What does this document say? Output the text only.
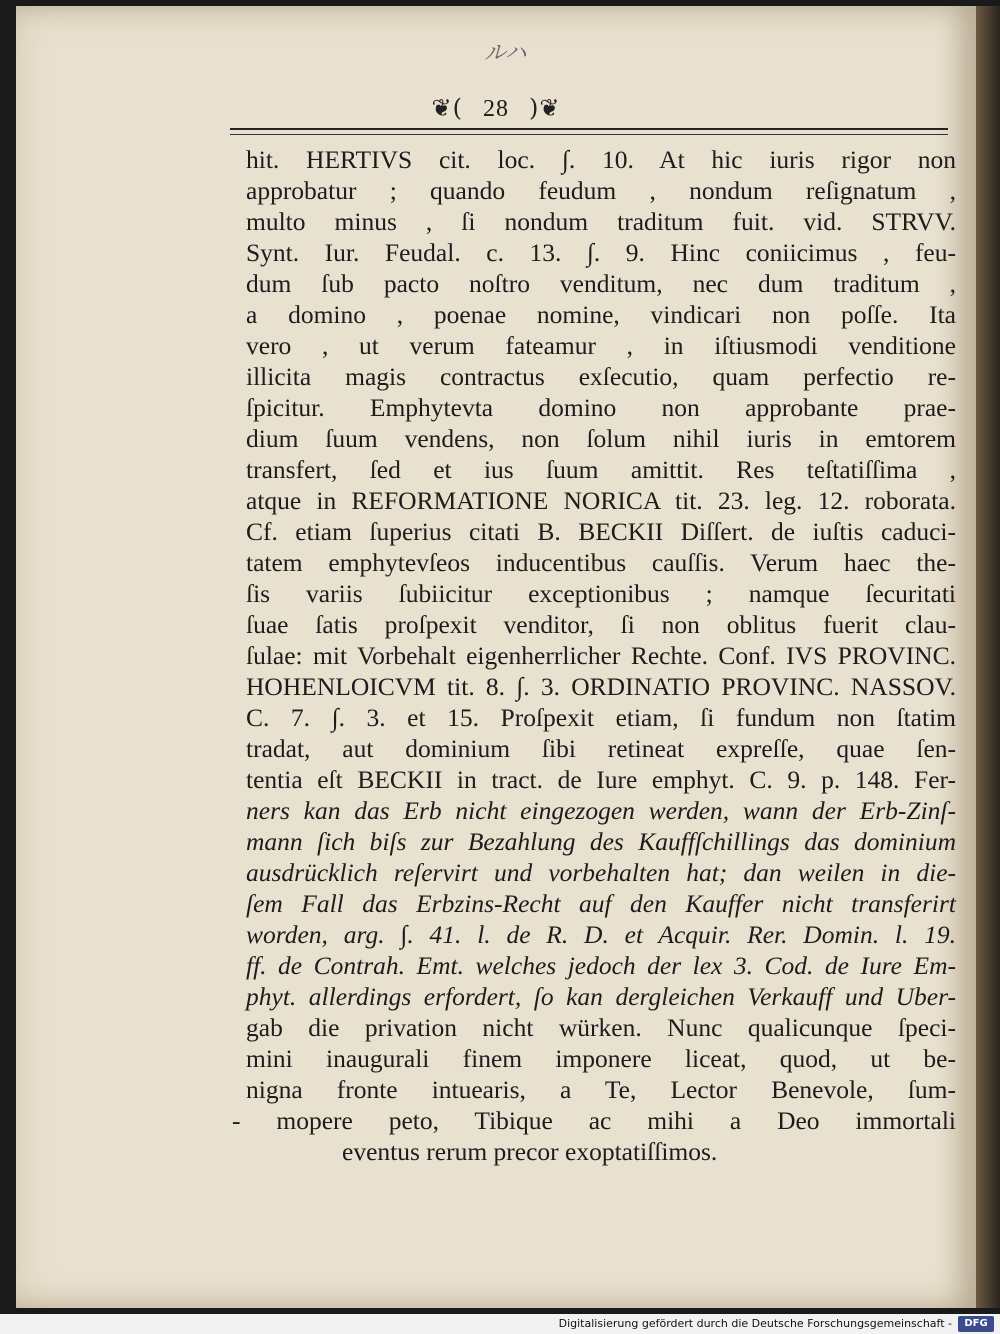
ルハ
❦( 28 )❦
hit. HERTIVS cit. loc. ∫. 10. At hic iuris rigor non
approbatur ; quando feudum , nondum reſignatum ,
multo minus , ſi nondum traditum fuit. vid. STRVV.
Synt. Iur. Feudal. c. 13. ∫. 9. Hinc coniicimus , feu-
dum ſub pacto noſtro venditum, nec dum traditum ,
a domino , poenae nomine, vindicari non poſſe. Ita
vero , ut verum fateamur , in iſtiusmodi venditione
illicita magis contractus exſecutio, quam perfectio re-
ſpicitur. Emphytevta domino non approbante prae-
dium ſuum vendens, non ſolum nihil iuris in emtorem
transfert, ſed et ius ſuum amittit. Res teſtatiſſima ,
atque in REFORMATIONE NORICA tit. 23. leg. 12. roborata.
Cf. etiam ſuperius citati B. BECKII Diſſert. de iuſtis caduci-
tatem emphytevſeos inducentibus cauſſis. Verum haec the-
ſis variis ſubiicitur exceptionibus ; namque ſecuritati
ſuae ſatis proſpexit venditor, ſi non oblitus fuerit clau-
ſulae: mit Vorbehalt eigenherrlicher Rechte. Conf. IVS PROVINC.
HOHENLOICVM tit. 8. ∫. 3. ORDINATIO PROVINC. NASSOV.
C. 7. ∫. 3. et 15. Proſpexit etiam, ſi fundum non ſtatim
tradat, aut dominium ſibi retineat expreſſe, quae ſen-
tentia eſt BECKII in tract. de Iure emphyt. C. 9. p. 148. Fer-
ners kan das Erb nicht eingezogen werden, wann der Erb-Zinſ-
mann ſich biſs zur Bezahlung des Kauffſchillings das dominium
ausdrücklich reſervirt und vorbehalten hat; dan weilen in die-
ſem Fall das Erbzins-Recht auf den Kauffer nicht transferirt
worden, arg. ∫. 41. l. de R. D. et Acquir. Rer. Domin. l. 19.
ff. de Contrah. Emt. welches jedoch der lex 3. Cod. de Iure Em-
phyt. allerdings erfordert, ſo kan dergleichen Verkauff und Uber-
gab die privation nicht würken. Nunc qualicunque ſpeci-
mini inaugurali finem imponere liceat, quod, ut be-
nigna fronte intuearis, a Te, Lector Benevole, ſum-
- mopere peto, Tibique ac mihi a Deo immortali
eventus rerum precor exoptatiſſimos.
Digitalisierung gefördert durch die Deutsche Forschungsgemeinschaft -	DFG
